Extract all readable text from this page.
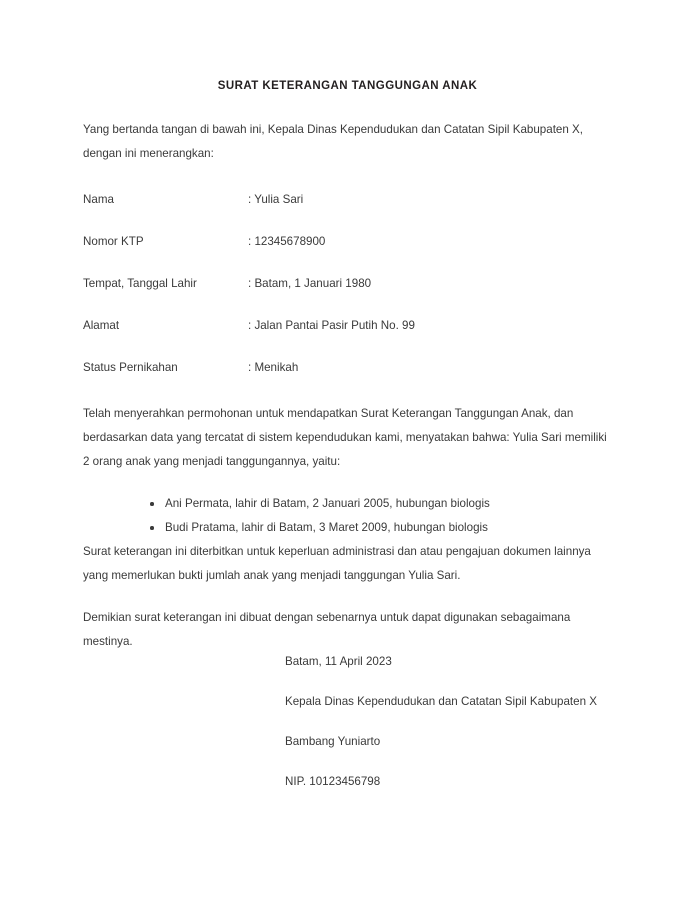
SURAT KETERANGAN TANGGUNGAN ANAK

Yang bertanda tangan di bawah ini, Kepala Dinas Kependudukan dan Catatan Sipil Kabupaten X, dengan ini menerangkan:

Nama	: Yulia Sari
Nomor KTP	: 12345678900
Tempat, Tanggal Lahir	: Batam, 1 Januari 1980
Alamat	: Jalan Pantai Pasir Putih No. 99
Status Pernikahan	: Menikah

Telah menyerahkan permohonan untuk mendapatkan Surat Keterangan Tanggungan Anak, dan berdasarkan data yang tercatat di sistem kependudukan kami, menyatakan bahwa: Yulia Sari memiliki 2 orang anak yang menjadi tanggungannya, yaitu:

Ani Permata, lahir di Batam, 2 Januari 2005, hubungan biologis
Budi Pratama, lahir di Batam, 3 Maret 2009, hubungan biologis

Surat keterangan ini diterbitkan untuk keperluan administrasi dan atau pengajuan dokumen lainnya yang memerlukan bukti jumlah anak yang menjadi tanggungan Yulia Sari.

Demikian surat keterangan ini dibuat dengan sebenarnya untuk dapat digunakan sebagaimana mestinya.

Batam, 11 April 2023
Kepala Dinas Kependudukan dan Catatan Sipil Kabupaten X
Bambang Yuniarto
NIP. 10123456798
